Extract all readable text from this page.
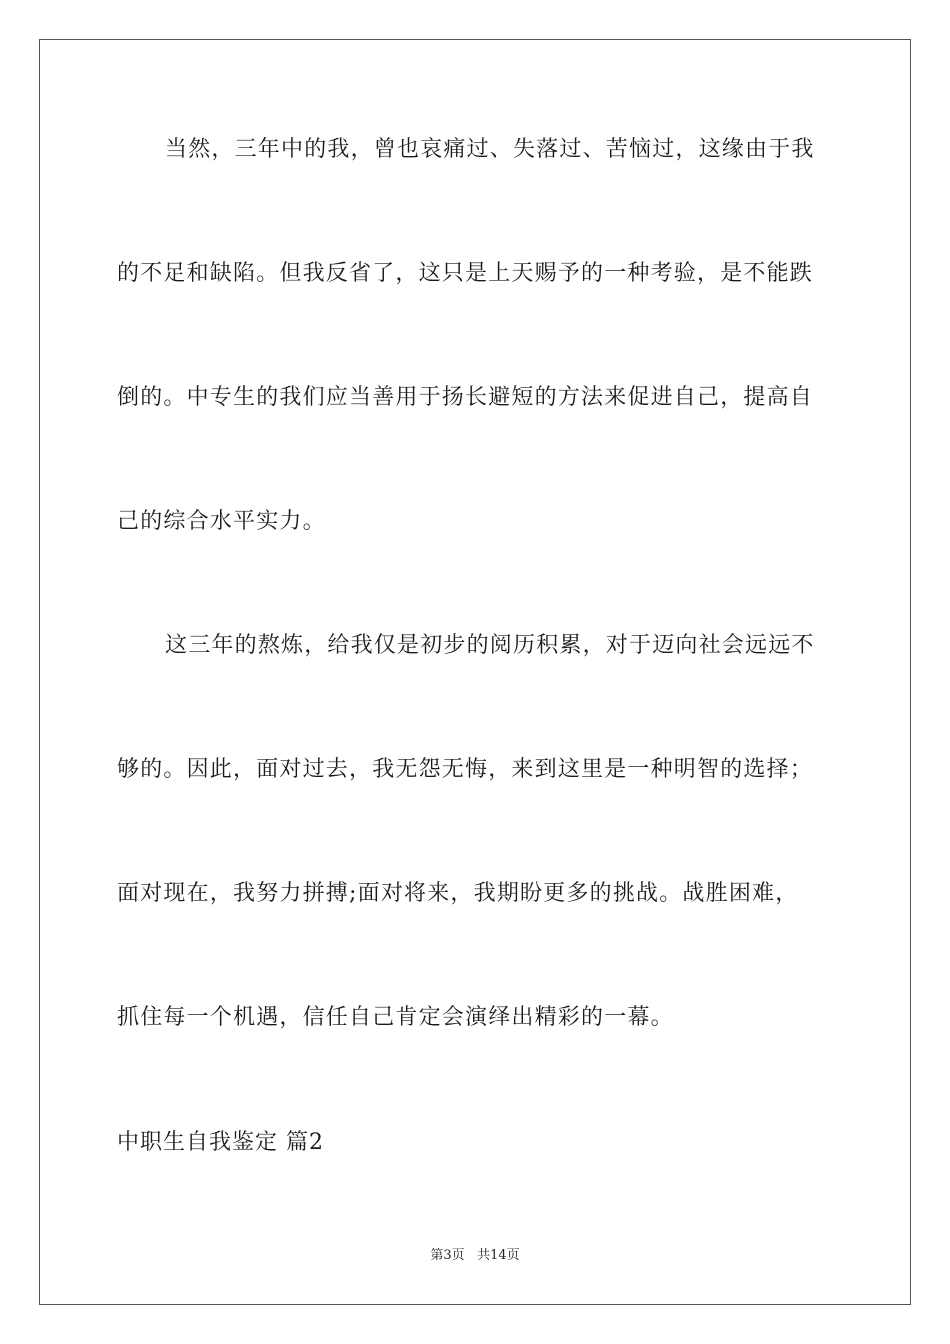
当然，三年中的我，曾也哀痛过、失落过、苦恼过，这缘由于我
的不足和缺陷。但我反省了，这只是上天赐予的一种考验，是不能跌
倒的。中专生的我们应当善用于扬长避短的方法来促进自己，提高自
己的综合水平实力。
这三年的熬炼，给我仅是初步的阅历积累，对于迈向社会远远不
够的。因此，面对过去，我无怨无悔，来到这里是一种明智的选择；
面对现在，我努力拼搏;面对将来，我期盼更多的挑战。战胜困难，
抓住每一个机遇，信任自己肯定会演绎出精彩的一幕。
中职生自我鉴定 篇2
第3页 共14页
